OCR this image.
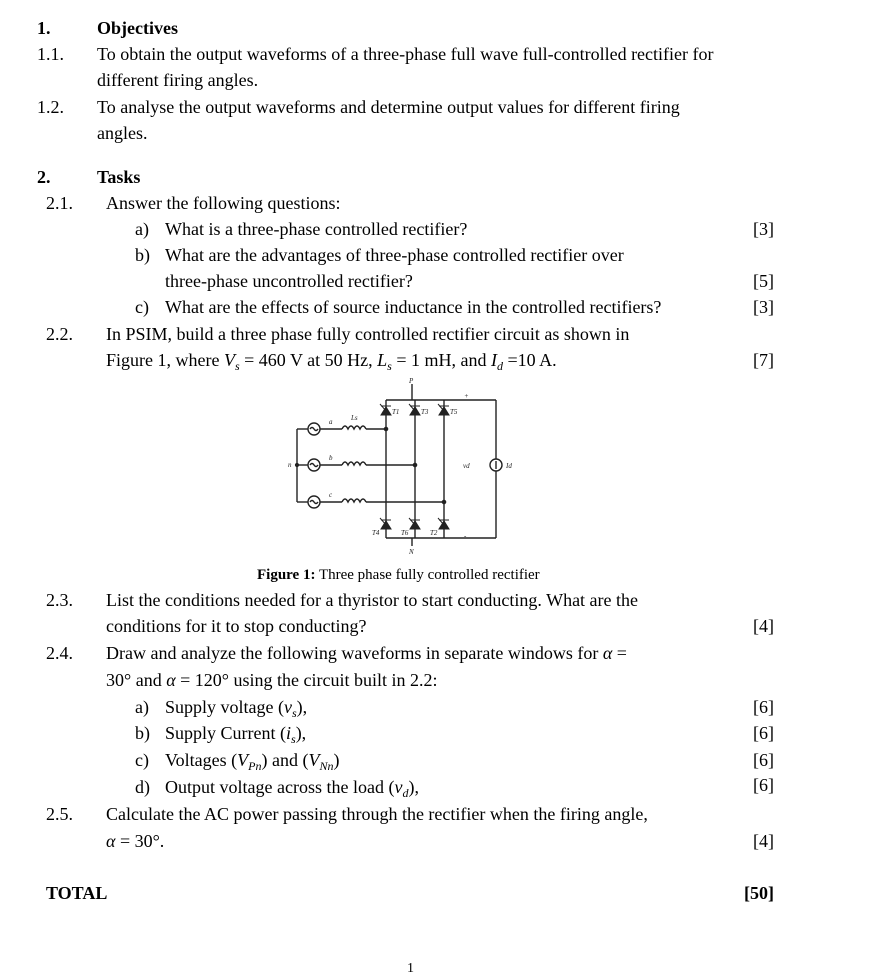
1.	Objectives
1.1. To obtain the output waveforms of a three-phase full wave full-controlled rectifier for
different firing angles.
1.2. To analyse the output waveforms and determine output values for different firing
angles.
2.	Tasks
2.1. Answer the following questions:
a) What is a three-phase controlled rectifier?	[3]
b) What are the advantages of three-phase controlled rectifier over
three-phase uncontrolled rectifier?	[5]
c) What are the effects of source inductance in the controlled rectifiers?	[3]
2.2. In PSIM, build a three phase fully controlled rectifier circuit as shown in
Figure 1, where $V_s = 460$ V at 50 Hz, $L_s = 1$ mH, and $I_d =10$ A.	[7]
P
N
n
a
b
c
Ls
T1	T3	T5
T4	T6	T2
vd	Id
+
-
Figure 1: Three phase fully controlled rectifier
2.3. List the conditions needed for a thyristor to start conducting. What are the
conditions for it to stop conducting?	[4]
2.4. Draw and analyze the following waveforms in separate windows for α =
30° and α = 120° using the circuit built in 2.2:
a) Supply voltage $(v_s)$,	[6]
b) Supply Current $(i_s)$,	[6]
c) Voltages $(V_{Pn})$ and $(V_{Nn})$	[6]
d) Output voltage across the load $(v_d)$,	[6]
2.5. Calculate the AC power passing through the rectifier when the firing angle,
α = 30°.	[4]
TOTAL	[50]
1
